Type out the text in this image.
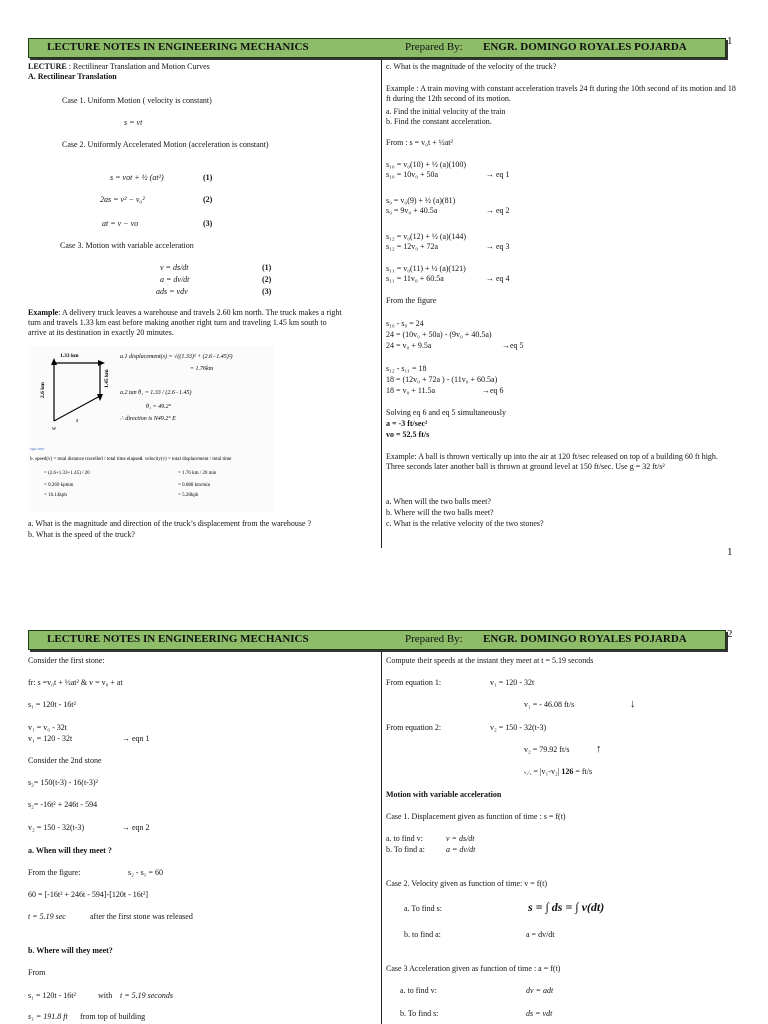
LECTURE NOTES IN ENGINEERING MECHANICS	Prepared By: ENGR. DOMINGO ROYALES POJARDA	1
1
LECTURE : Rectilinear Translation and Motion Curves
A. Rectilinear Translation
Case 1. Uniform Motion ( velocity is constant)
s = vt
Case 2. Uniformly Accelerated Motion (acceleration is constant)
s = vot + ½ (at²)	(1)
2as = v² − v₀²	(2)
at = v − vo	(3)
Case 3. Motion with variable acceleration
v = ds/dt	(1)
a = dv/dt	(2)
ads = vdv	(3)
Example: A delivery truck leaves a warehouse and travels 2.60 km north. The truck makes a right turn and travels 1.33 km east before making another right turn and traveling 1.45 km south to arrive at its destination in exactly 20 minutes.
1.33 km
2.6 km
1.45 km
s
w
a.1 displacement(s) = √((1.33)² + (2.6−1.45)²)
= 1.76km
a.2 tan θ₁ = 1.33 / (2.6−1.45)
θ₁ = 49.2°
∴ direction is N49.2° E
b. speed(v) = total distance travelled / total time elapsed
= (2.6+1.33+1.45) / 20
= 0.269 kpmin
= 16.14kph
c. velocity(v) = total displacement / total time
= 1.76 km / 20 min
= 0.088 km/min
= 5.28kph
Ogle 2007
a. What is the magnitude and direction of the truck’s displacement from the warehouse ?
b. What is the speed of the truck?
c. What is the magnitude of the velocity of the truck?
Example : A train moving with constant acceleration travels 24 ft during the 10th second of its motion and 18 ft during the 12th second of its motion.
a. Find the initial velocity of the train
b. Find the constant acceleration.
From : s = v₀t + ½at²
s₁₀ = v₀(10) + ½ (a)(100)
s₁₀ = 10v₀ + 50a	→ eq 1
s₉ = v₀(9) + ½ (a)(81)
s₉ = 9v₀ + 40.5a	→ eq 2
s₁₂ = v₀(12) + ½ (a)(144)
s₁₂ = 12v₀ + 72a	→ eq 3
s₁₁ = v₀(11) + ½ (a)(121)
s₁₁ = 11v₀ + 60.5a	→ eq 4
From the figure
s₁₀ - s₉ = 24
24 = (10v₀ + 50a) - (9v₀ + 40.5a)
24 = v₀ + 9.5a	→eq 5
s₁₂ - s₁₁ = 18
18 = (12v₀ + 72a ) - (11v₀ + 60.5a)
18 = v₀ + 11.5a	→eq 6
Solving eq 6 and eq 5 simultaneously
a = -3 ft/sec²
vo = 52.5 ft/s
Example: A ball is thrown vertically up into the air at 120 ft/sec released on top of a building 60 ft high. Three seconds later another ball is thrown at ground level at 150 ft/sec. Use g = 32 ft/s²
a. When will the two balls meet?
b. Where will the two balls meet?
c. What is the relative velocity of the two stones?
LECTURE NOTES IN ENGINEERING MECHANICS	Prepared By: ENGR. DOMINGO ROYALES POJARDA	2
Consider the first stone:
fr: s =v₀t + ½at² & v = v₀ + at
s₁ = 120t - 16t²
v₁ = v₀ - 32t
v₁ = 120 - 32t	→ eqn 1
Consider the 2nd stone
s₂= 150(t-3) - 16(t-3)²
s₂= -16t² + 246t - 594
v₂ = 150 - 32(t-3)	→ eqn 2
a. When will they meet ?
From the figure:	s₂ - s₁ = 60
60 = [-16t² + 246t - 594]-[120t - 16t²]
t = 5.19 sec	after the first stone was released
b. Where will they meet?
From
s₁ = 120t - 16t²	with t = 5.19 seconds
s₁ = 191.8 ft from top of building
Compute their speeds at the instant they meet at t = 5.19 seconds
From equation 1:	v₁ = 120 - 32t
v₁ = - 46.08 ft/s	↓
From equation 2:	v₂ = 150 - 32(t-3)
v₂ = 79.92 ft/s ↑
v₁/₂ = |v₁-v₂| 126 = ft/s
Motion with variable acceleration
Case 1. Displacement given as function of time : s = f(t)
a. to find v:	v = ds/dt
b. To find a:	a = dv/dt
Case 2. Velocity given as function of time: v = f(t)
a. To find s:	s = ∫ ds = ∫ v(dt)
b. to find a:	a = dv/dt
Case 3 Acceleration given as function of time : a = f(t)
a. to find v:	dv = adt
b. To find s:	ds = vdt
